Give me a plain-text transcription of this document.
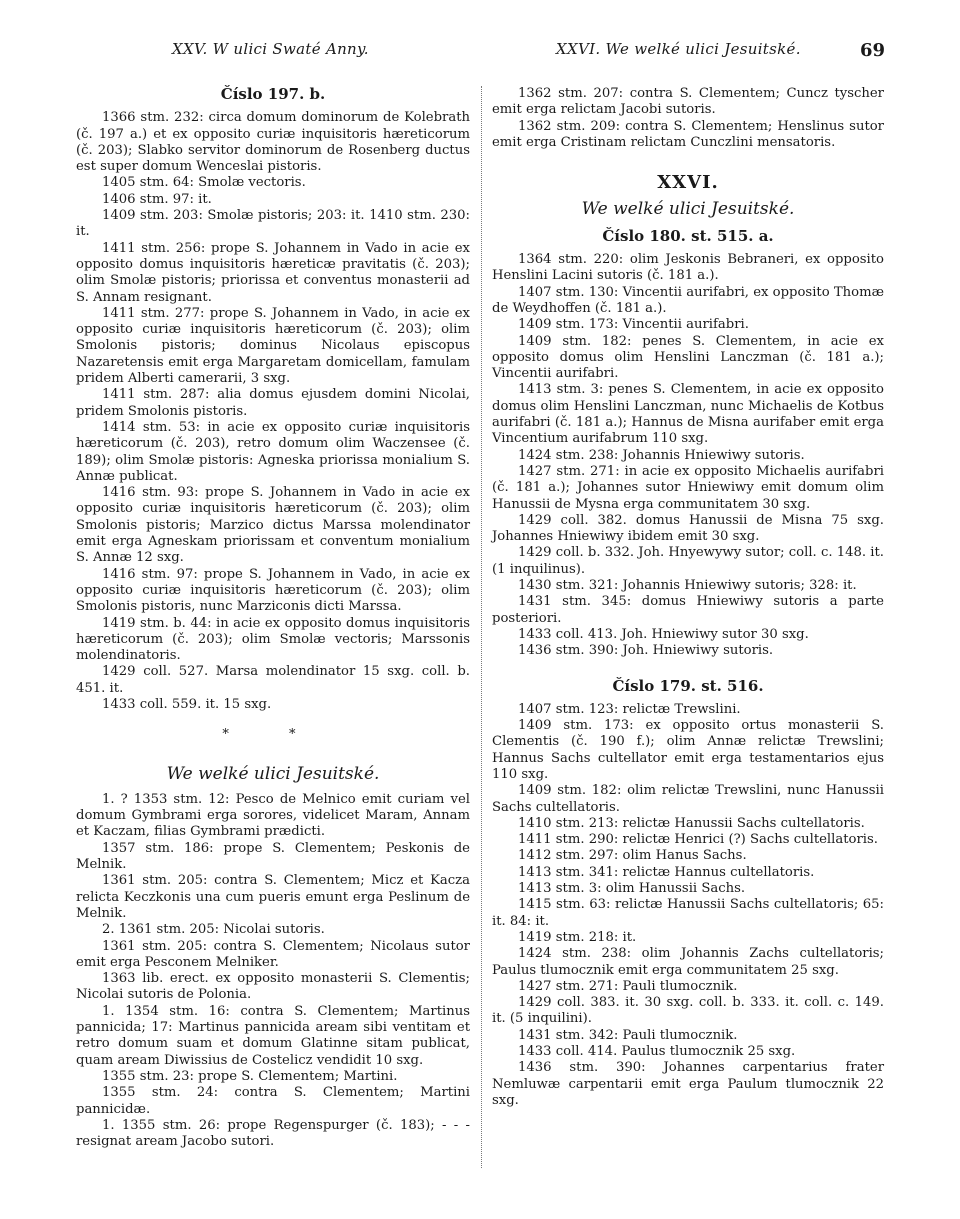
XXV. W ulici Swaté Anny.	XXVI. We welké ulici Jesuitské.	69
Číslo 197. b.

1366 stm. 232: circa domum dominorum de Kolebrath (č. 197 a.) et ex opposito curiæ inquisitoris hæreticorum (č. 203); Slabko servitor dominorum de Rosenberg ductus est super domum Wenceslai pistoris.

1405 stm. 64: Smolæ vectoris.

1406 stm. 97: it.

1409 stm. 203: Smolæ pistoris; 203: it. 1410 stm. 230: it.

1411 stm. 256: prope S. Johannem in Vado in acie ex opposito domus inquisitoris hæreticæ pravitatis (č. 203); olim Smolæ pistoris; priorissa et conventus monasterii ad S. Annam resignant.

1411 stm. 277: prope S. Johannem in Vado, in acie ex opposito curiæ inquisitoris hæreticorum (č. 203); olim Smolonis pistoris; dominus Nicolaus episcopus Nazaretensis emit erga Margaretam domicellam, famulam pridem Alberti camerarii, 3 sxg.

1411 stm. 287: alia domus ejusdem domini Nicolai, pridem Smolonis pistoris.

1414 stm. 53: in acie ex opposito curiæ inquisitoris hæreticorum (č. 203), retro domum olim Waczensee (č. 189); olim Smolæ pistoris: Agneska priorissa monialium S. Annæ publicat.

1416 stm. 93: prope S. Johannem in Vado in acie ex opposito curiæ inquisitoris hæreticorum (č. 203); olim Smolonis pistoris; Marzico dictus Marssa molendinator emit erga Agneskam priorissam et conventum monialium S. Annæ 12 sxg.

1416 stm. 97: prope S. Johannem in Vado, in acie ex opposito curiæ inquisitoris hæreticorum (č. 203); olim Smolonis pistoris, nunc Marziconis dicti Marssa.

1419 stm. b. 44: in acie ex opposito domus inquisitoris hæreticorum (č. 203); olim Smolæ vectoris; Marssonis molendinatoris.

1429 coll. 527. Marsa molendinator 15 sxg. coll. b. 451. it.

1433 coll. 559. it. 15 sxg.

* *
We welké ulici Jesuitské.

1. ? 1353 stm. 12: Pesco de Melnico emit curiam vel domum Gymbrami erga sorores, videlicet Maram, Annam et Kaczam, filias Gymbrami prædicti.

1357 stm. 186: prope S. Clementem; Peskonis de Melnik.

1361 stm. 205: contra S. Clementem; Micz et Kacza relicta Keczkonis una cum pueris emunt erga Peslinum de Melnik.

2. 1361 stm. 205: Nicolai sutoris.

1361 stm. 205: contra S. Clementem; Nicolaus sutor emit erga Pesconem Melniker.

1363 lib. erect. ex opposito monasterii S. Clementis; Nicolai sutoris de Polonia.

1. 1354 stm. 16: contra S. Clementem; Martinus pannicida; 17: Martinus pannicida aream sibi ventitam et retro domum suam et domum Glatinne sitam publicat, quam aream Diwissius de Costelicz vendidit 10 sxg.

1355 stm. 23: prope S. Clementem; Martini.

1355 stm. 24: contra S. Clementem; Martini pannicidæ.

1. 1355 stm. 26: prope Regenspurger (č. 183); - - - resignat aream Jacobo sutori.

1362 stm. 207: contra S. Clementem; Cuncz tyscher emit erga relictam Jacobi sutoris.

1362 stm. 209: contra S. Clementem; Henslinus sutor emit erga Cristinam relictam Cunczlini mensatoris.

XXVI.
We welké ulici Jesuitské.
Číslo 180. st. 515. a.

1364 stm. 220: olim Jeskonis Bebraneri, ex opposito Henslini Lacini sutoris (č. 181 a.).

1407 stm. 130: Vincentii aurifabri, ex opposito Thomæ de Weydhoffen (č. 181 a.).

1409 stm. 173: Vincentii aurifabri.

1409 stm. 182: penes S. Clementem, in acie ex opposito domus olim Henslini Lanczman (č. 181 a.); Vincentii aurifabri.

1413 stm. 3: penes S. Clementem, in acie ex opposito domus olim Henslini Lanczman, nunc Michaelis de Kotbus aurifabri (č. 181 a.); Hannus de Misna aurifaber emit erga Vincentium aurifabrum 110 sxg.

1424 stm. 238: Johannis Hniewiwy sutoris.

1427 stm. 271: in acie ex opposito Michaelis aurifabri (č. 181 a.); Johannes sutor Hniewiwy emit domum olim Hanussii de Mysna erga communitatem 30 sxg.

1429 coll. 382. domus Hanussii de Misna 75 sxg. Johannes Hniewiwy ibidem emit 30 sxg.

1429 coll. b. 332. Joh. Hnyewywy sutor; coll. c. 148. it. (1 inquilinus).

1430 stm. 321: Johannis Hniewiwy sutoris; 328: it.

1431 stm. 345: domus Hniewiwy sutoris a parte posteriori.

1433 coll. 413. Joh. Hniewiwy sutor 30 sxg.

1436 stm. 390: Joh. Hniewiwy sutoris.

Číslo 179. st. 516.

1407 stm. 123: relictæ Trewslini.

1409 stm. 173: ex opposito ortus monasterii S. Clementis (č. 190 f.); olim Annæ relictæ Trewslini; Hannus Sachs cultellator emit erga testamentarios ejus 110 sxg.

1409 stm. 182: olim relictæ Trewslini, nunc Hanussii Sachs cultellatoris.

1410 stm. 213: relictæ Hanussii Sachs cultellatoris.

1411 stm. 290: relictæ Henrici (?) Sachs cultellatoris.

1412 stm. 297: olim Hanus Sachs.

1413 stm. 341: relictæ Hannus cultellatoris.

1413 stm. 3: olim Hanussii Sachs.

1415 stm. 63: relictæ Hanussii Sachs cultellatoris; 65: it. 84: it.

1419 stm. 218: it.

1424 stm. 238: olim Johannis Zachs cultellatoris; Paulus tlumocznik emit erga communitatem 25 sxg.

1427 stm. 271: Pauli tlumocznik.

1429 coll. 383. it. 30 sxg. coll. b. 333. it. coll. c. 149. it. (5 inquilini).

1431 stm. 342: Pauli tlumocznik.

1433 coll. 414. Paulus tlumocznik 25 sxg.

1436 stm. 390: Johannes carpentarius frater Nemluwæ carpentarii emit erga Paulum tlumocznik 22 sxg.
